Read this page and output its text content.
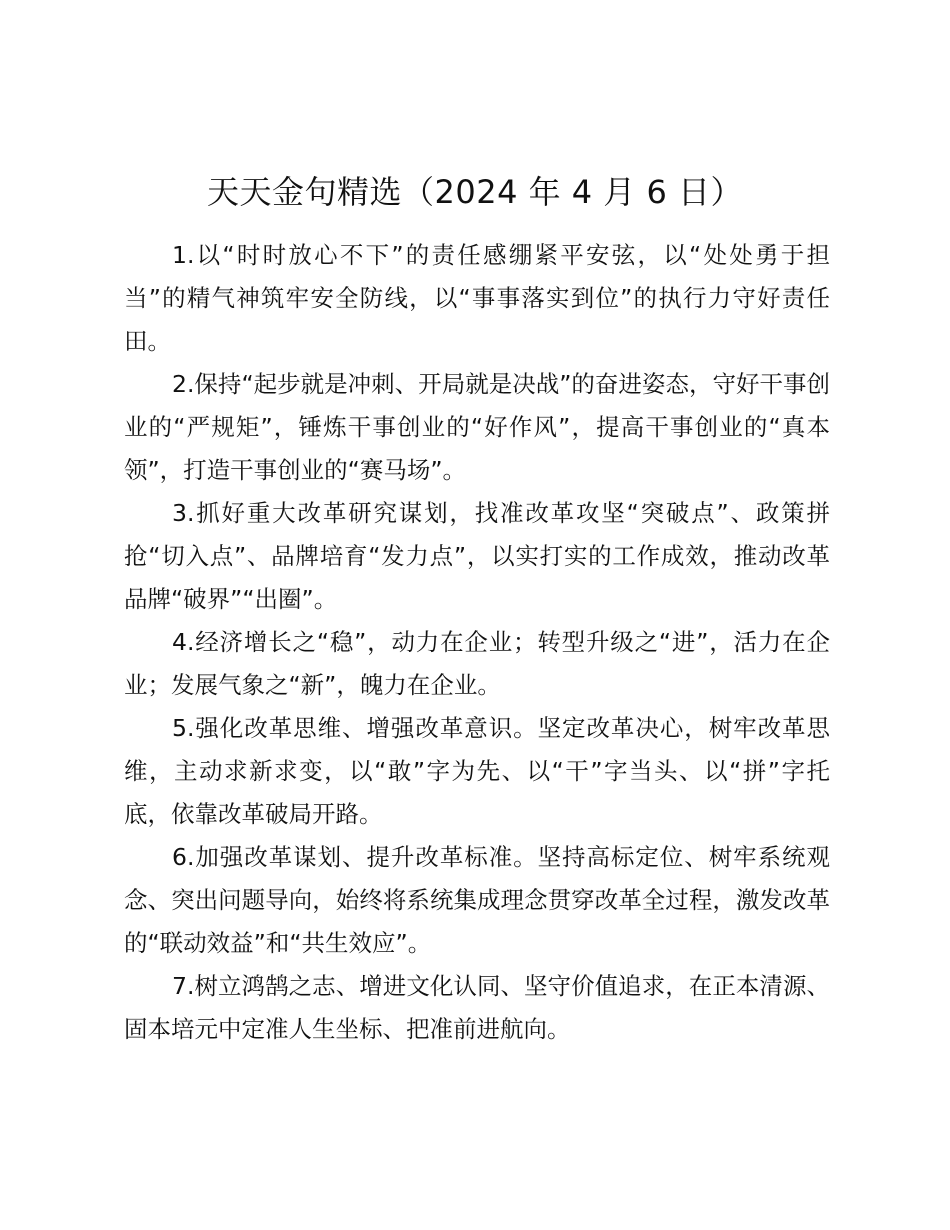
天天金句精选（2024 年 4 月 6 日）

1.以“时时放心不下”的责任感绷紧平安弦，以“处处勇于担当”的精气神筑牢安全防线，以“事事落实到位”的执行力守好责任田。

2.保持“起步就是冲刺、开局就是决战”的奋进姿态，守好干事创业的“严规矩”，锤炼干事创业的“好作风”，提高干事创业的“真本领”，打造干事创业的“赛马场”。

3.抓好重大改革研究谋划，找准改革攻坚“突破点”、政策拼抢“切入点”、品牌培育“发力点”，以实打实的工作成效，推动改革品牌“破界”“出圈”。

4.经济增长之“稳”，动力在企业；转型升级之“进”，活力在企业；发展气象之“新”，魄力在企业。

5.强化改革思维、增强改革意识。坚定改革决心，树牢改革思维，主动求新求变，以“敢”字为先、以“干”字当头、以“拼”字托底，依靠改革破局开路。

6.加强改革谋划、提升改革标准。坚持高标定位、树牢系统观念、突出问题导向，始终将系统集成理念贯穿改革全过程，激发改革的“联动效益”和“共生效应”。

7.树立鸿鹄之志、增进文化认同、坚守价值追求，在正本清源、固本培元中定准人生坐标、把准前进航向。
